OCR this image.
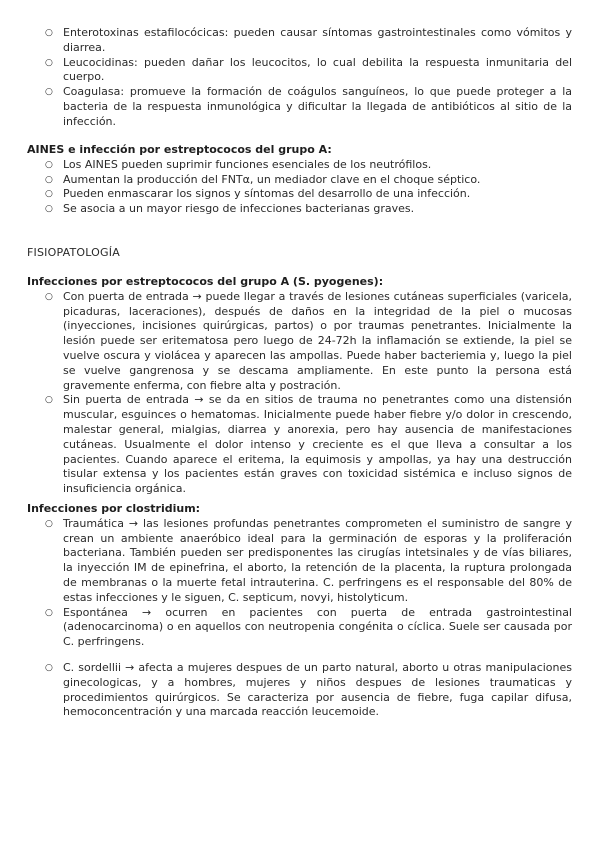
○ Enterotoxinas estafilocócicas: pueden causar síntomas gastrointestinales como vómitos y diarrea.
○ Leucocidinas: pueden dañar los leucocitos, lo cual debilita la respuesta inmunitaria del cuerpo.
○ Coagulasa: promueve la formación de coágulos sanguíneos, lo que puede proteger a la bacteria de la respuesta inmunológica y dificultar la llegada de antibióticos al sitio de la infección.

AINES e infección por estreptococos del grupo A:

○ Los AINES pueden suprimir funciones esenciales de los neutrófilos.
○ Aumentan la producción del FNTα, un mediador clave en el choque séptico.
○ Pueden enmascarar los signos y síntomas del desarrollo de una infección.
○ Se asocia a un mayor riesgo de infecciones bacterianas graves.

FISIOPATOLOGÍA

Infecciones por estreptococos del grupo A (S. pyogenes):

○ Con puerta de entrada → puede llegar a través de lesiones cutáneas superficiales (varicela, picaduras, laceraciones), después de daños en la integridad de la piel o mucosas (inyecciones, incisiones quirúrgicas, partos) o por traumas penetrantes. Inicialmente la lesión puede ser eritematosa pero luego de 24-72h la inflamación se extiende, la piel se vuelve oscura y violácea y aparecen las ampollas. Puede haber bacteriemia y, luego la piel se vuelve gangrenosa y se descama ampliamente. En este punto la persona está gravemente enferma, con fiebre alta y postración.
○ Sin puerta de entrada → se da en sitios de trauma no penetrantes como una distensión muscular, esguinces o hematomas. Inicialmente puede haber fiebre y/o dolor in crescendo, malestar general, mialgias, diarrea y anorexia, pero hay ausencia de manifestaciones cutáneas. Usualmente el dolor intenso y creciente es el que lleva a consultar a los pacientes. Cuando aparece el eritema, la equimosis y ampollas, ya hay una destrucción tisular extensa y los pacientes están graves con toxicidad sistémica e incluso signos de insuficiencia orgánica.

Infecciones por clostridium:

○ Traumática → las lesiones profundas penetrantes comprometen el suministro de sangre y crean un ambiente anaeróbico ideal para la germinación de esporas y la proliferación bacteriana. También pueden ser predisponentes las cirugías intetsinales y de vías biliares, la inyección IM de epinefrina, el aborto, la retención de la placenta, la ruptura prolongada de membranas o la muerte fetal intrauterina. C. perfringens es el responsable del 80% de estas infecciones y le siguen, C. septicum, novyi, histolyticum.
○ Espontánea → ocurren en pacientes con puerta de entrada gastrointestinal (adenocarcinoma) o en aquellos con neutropenia congénita o cíclica. Suele ser causada por C. perfringens.
○ C. sordellii → afecta a mujeres despues de un parto natural, aborto u otras manipulaciones ginecologicas, y a hombres, mujeres y niños despues de lesiones traumaticas y procedimientos quirúrgicos. Se caracteriza por ausencia de fiebre, fuga capilar difusa, hemoconcentración y una marcada reacción leucemoide.
